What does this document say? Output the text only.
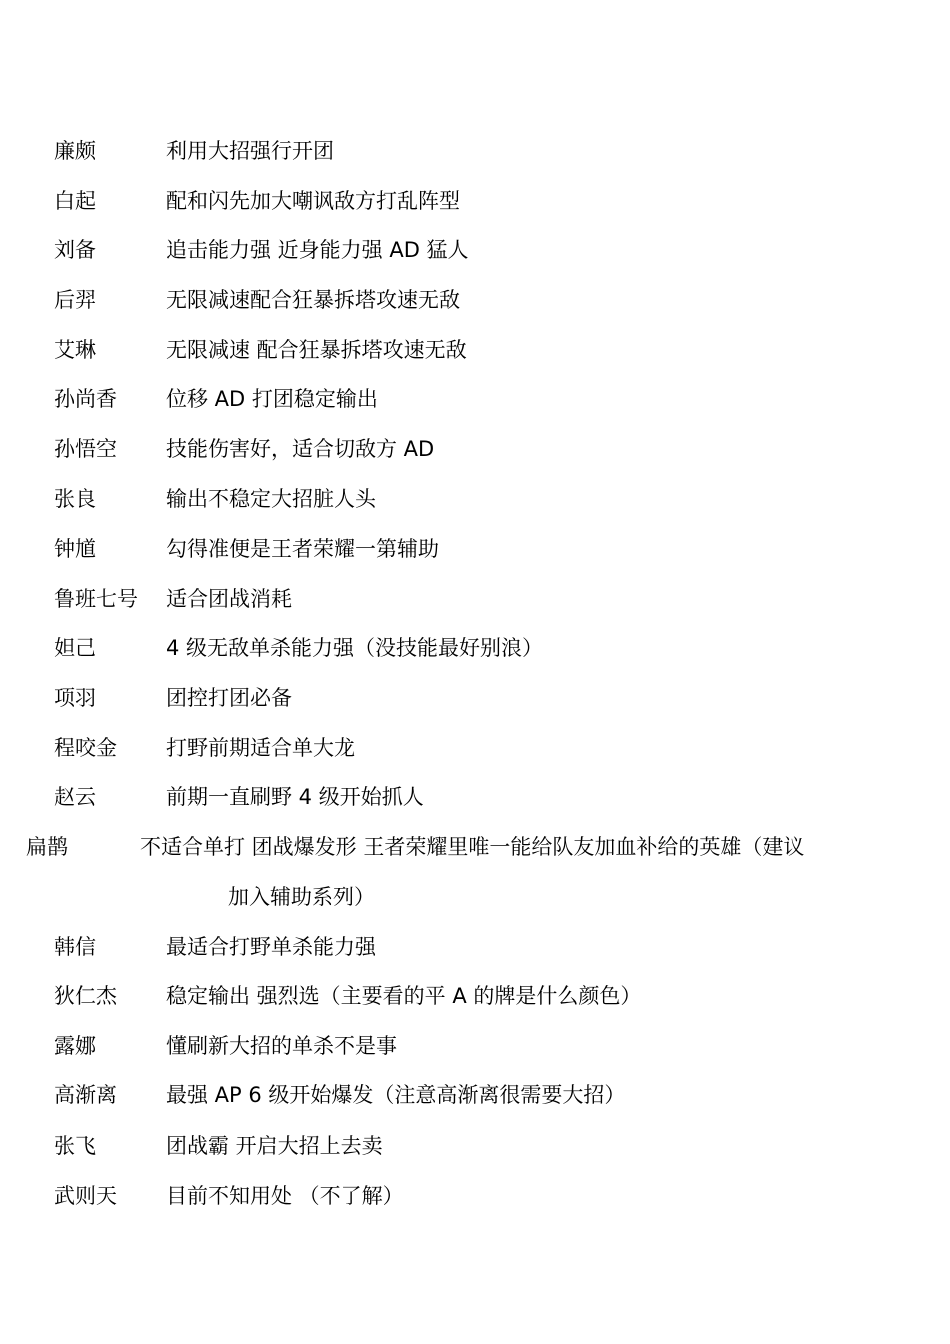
廉颇	利用大招强行开团
白起	配和闪先加大嘲讽敌方打乱阵型
刘备	追击能力强 近身能力强 AD 猛人
后羿	无限减速配合狂暴拆塔攻速无敌
艾琳	无限减速 配合狂暴拆塔攻速无敌
孙尚香 位移 AD 打团稳定输出
孙悟空 技能伤害好，适合切敌方 AD
张良	输出不稳定大招脏人头
钟馗	勾得准便是王者荣耀一第辅助
鲁班七号 适合团战消耗
妲己	4 级无敌单杀能力强（没技能最好别浪）
项羽	团控打团必备
程咬金 打野前期适合单大龙
赵云	前期一直刷野 4 级开始抓人
扁鹊	不适合单打 团战爆发形 王者荣耀里唯一能给队友加血补给的英雄（建议
加入辅助系列）
韩信	最适合打野单杀能力强
狄仁杰 稳定输出 强烈选（主要看的平 A 的牌是什么颜色）
露娜	懂刷新大招的单杀不是事
高渐离 最强 AP 6 级开始爆发（注意高渐离很需要大招）
张飞	团战霸 开启大招上去卖
武则天 目前不知用处 （不了解）
